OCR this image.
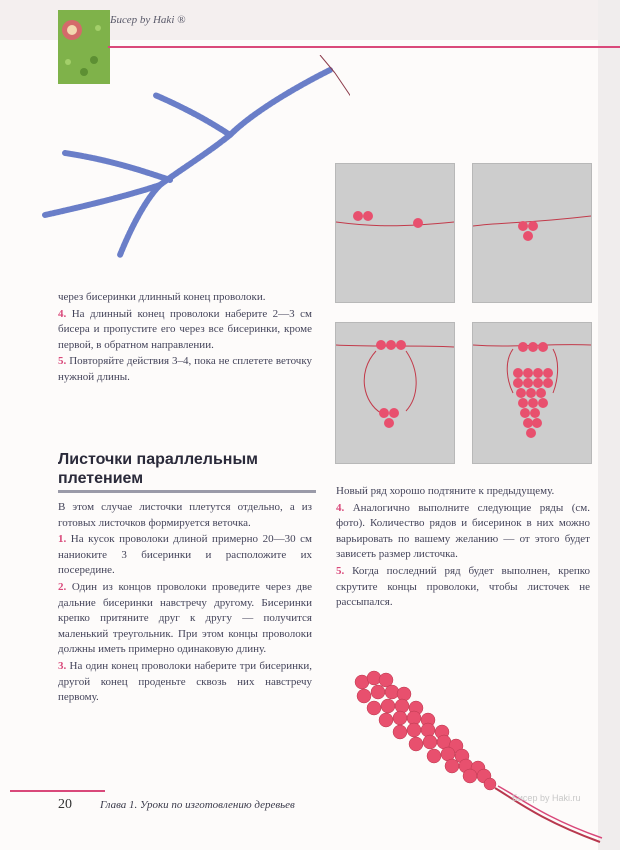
Бисер by Haki ®

через бисеринки длинный конец проволоки.

4. На длинный конец проволоки наберите 2—3 см бисера и пропустите его через все бисеринки, кроме первой, в обратном направлении.

5. Повторяйте действия 3–4, пока не сплетете веточку нужной длины.

Листочки параллельным плетением

В этом случае листочки плетутся отдельно, а из готовых листочков формируется веточка.

1. На кусок проволоки длиной примерно 20—30 см наниоките 3 бисеринки и расположите их посередине.

2. Один из концов проволоки проведите через две дальние бисеринки навстречу другому. Бисеринки крепко притяните друг к другу — получится маленький треугольник. При этом концы проволоки должны иметь примерно одинаковую длину.

3. На один конец проволоки наберите три бисеринки, другой конец проденьте сквозь них навстречу первому.

Новый ряд хорошо подтяните к предыдущему.

4. Аналогично выполните следующие ряды (см. фото). Количество рядов и бисеринок в них можно варьировать по вашему желанию — от этого будет зависеть размер листочка.

5. Когда последний ряд будет выполнен, крепко скрутите концы проволоки, чтобы листочек не рассыпался.

20	Глава 1. Уроки по изготовлению деревьев
Бисер by Haki.ru
